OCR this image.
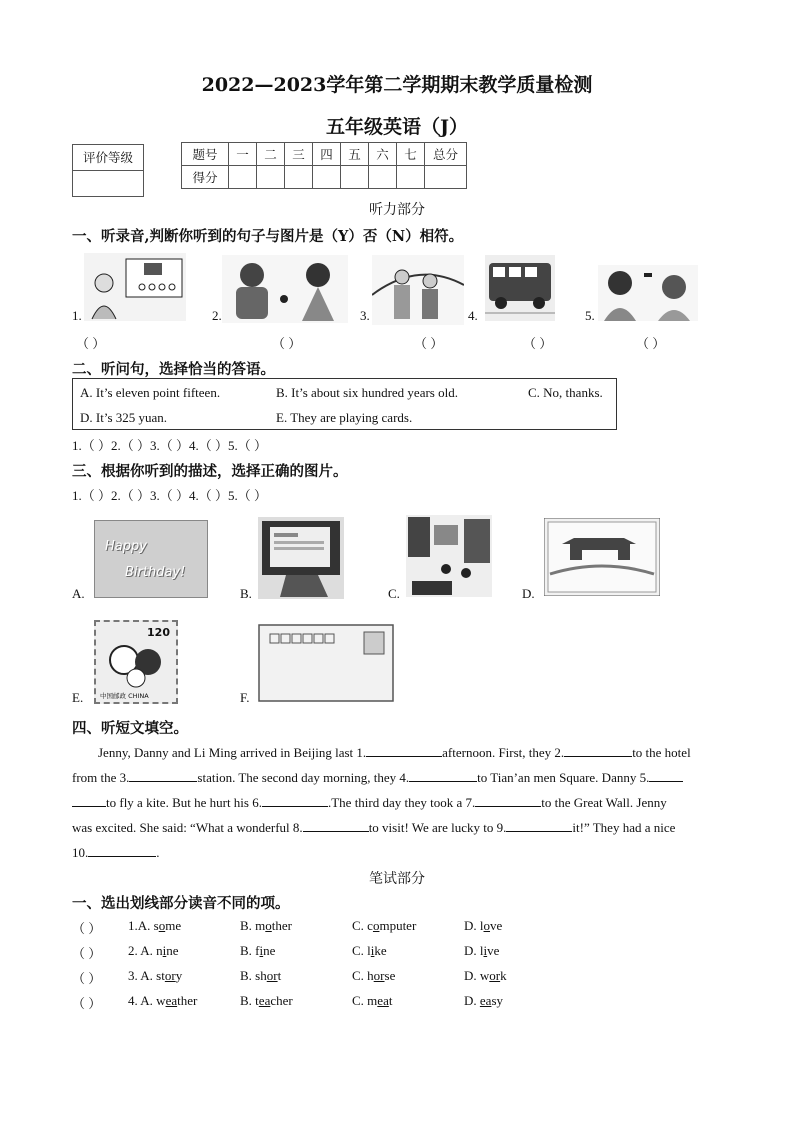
2022—2023学年第二学期期末教学质量检测
五年级英语（J）
评价等级	题号	一	二	三	四	五	六	七	总分
得分								
听力部分
一、听录音,判断你听到的句子与图片是（Y）否（N）相符。
1.	2.	3.	4.	5.
（ ）	（ ）	（ ）	（ ）	（ ）
二、听问句，选择恰当的答语。
A. It’s eleven point fifteen.	B. It’s about six hundred years old.	C. No, thanks.
D. It’s 325 yuan.	E. They are playing cards.
1.（ ）2.（ ）3.（ ）4.（ ）5.（ ）
三、根据你听到的描述，选择正确的图片。
1.（ ）2.（ ）3.（ ）4.（ ）5.（ ）
A.
Happy
Birthday!
B.	C.	D.
E.
120
中国邮政 CHINA	F.
四、听短文填空。
Jenny, Danny and Li Ming arrived in Beijing last 1.	afternoon. First, they 2.	to the hotel
from the 3.	station. The second day morning, they 4.	to Tian’an men Square. Danny 5.
to fly a kite. But he hurt his 6.	.The third day they took a 7.	to the Great Wall. Jenny
was excited. She said: “What a wonderful 8.	to visit! We are lucky to 9.	it!” They had a nice
10.	.
笔试部分
一、选出划线部分读音不同的项。
（ ） 1.A. some	B. mother	C. computer	D. love
（ ） 2. A. nine	B. fine	C. like	D. live
（ ） 3. A. story	B. short	C. horse	D. work
（ ） 4. A. weather	B. teacher	C. meat	D. easy
